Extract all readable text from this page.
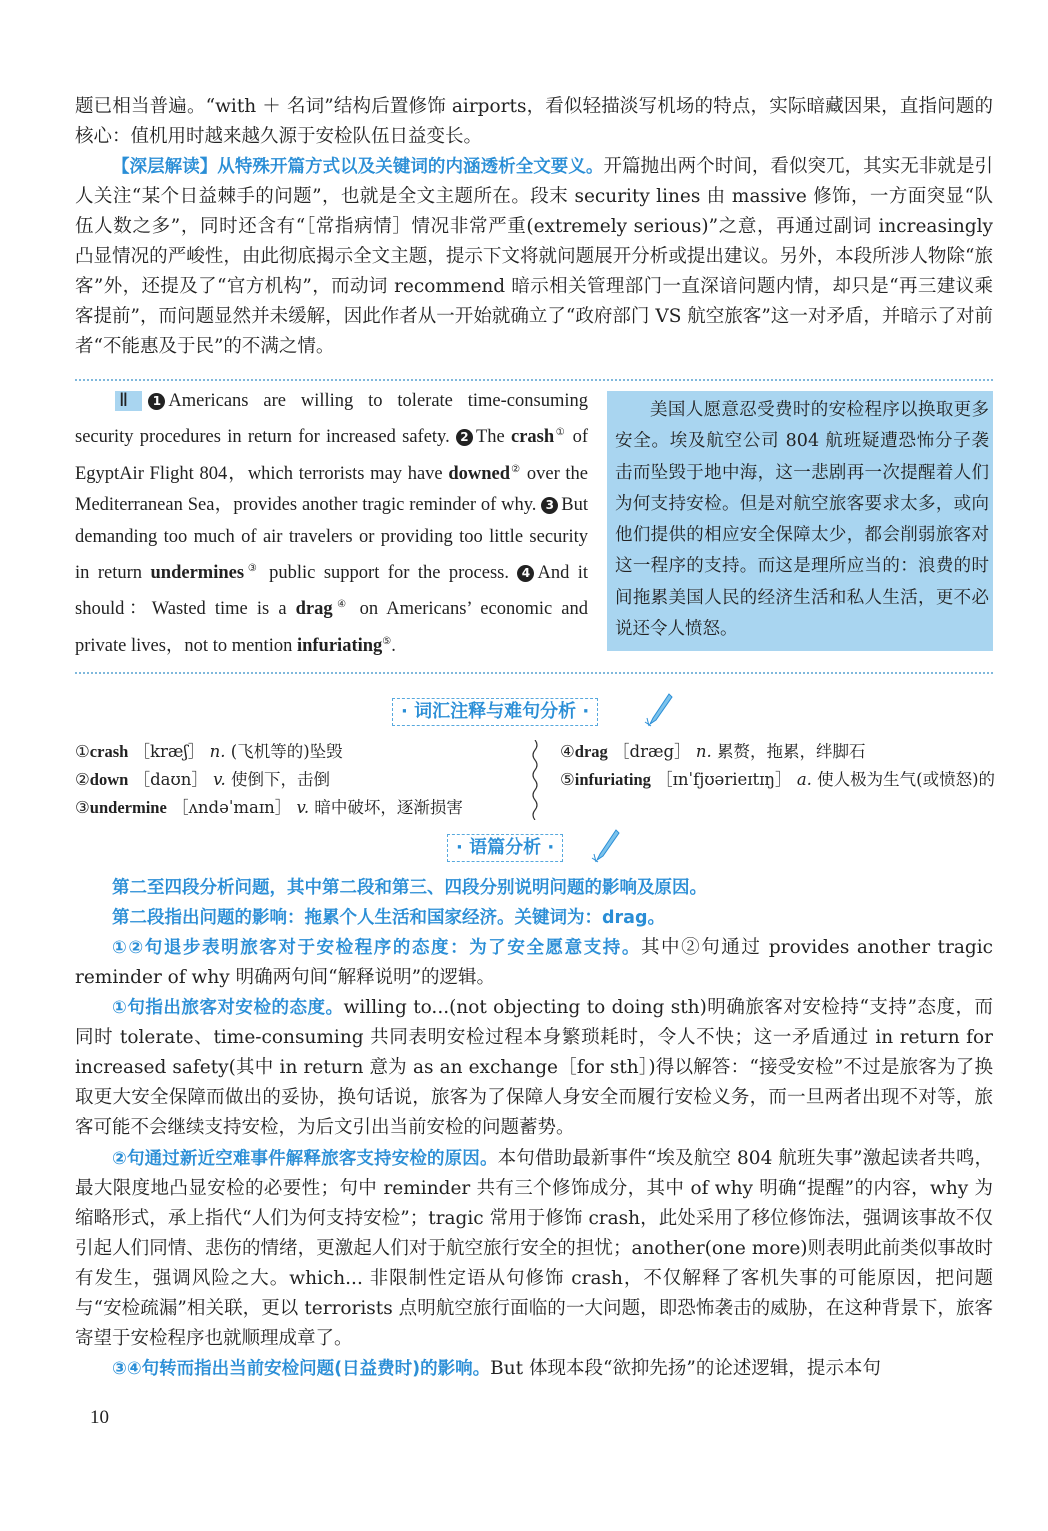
题已相当普遍。“with ＋ 名词”结构后置修饰 airports，看似轻描淡写机场的特点，实际暗藏因果，直指问题的核心：值机用时越来越久源于安检队伍日益变长。
【深层解读】从特殊开篇方式以及关键词的内涵透析全文要义。开篇抛出两个时间，看似突兀，其实无非就是引人关注“某个日益棘手的问题”，也就是全文主题所在。段末 security lines 由 massive 修饰，一方面突显“队伍人数之多”，同时还含有“［常指病情］情况非常严重(extremely serious)”之意，再通过副词 increasingly 凸显情况的严峻性，由此彻底揭示全文主题，提示下文将就问题展开分析或提出建议。另外，本段所涉人物除“旅客”外，还提及了“官方机构”，而动词 recommend 暗示相关管理部门一直深谙问题内情，却只是“再三建议乘客提前”，而问题显然并未缓解，因此作者从一开始就确立了“政府部门 VS 航空旅客”这一对矛盾，并暗示了对前者“不能惠及于民”的不满之情。
Ⅱ 1 Americans are willing to tolerate time-consuming security procedures in return for increased safety. 2 The crash① of EgyptAir Flight 804，which terrorists may have downed② over the Mediterranean Sea，provides another tragic reminder of why. 3 But demanding too much of air travelers or providing too little security in return undermines③ public support for the process. 4 And it should：Wasted time is a drag④ on Americans’ economic and private lives，not to mention infuriating⑤.
美国人愿意忍受费时的安检程序以换取更多安全。埃及航空公司 804 航班疑遭恐怖分子袭击而坠毁于地中海，这一悲剧再一次提醒着人们为何支持安检。但是对航空旅客要求太多，或向他们提供的相应安全保障太少，都会削弱旅客对这一程序的支持。而这是理所应当的：浪费的时间拖累美国人民的经济生活和私人生活，更不必说还令人愤怒。
· 词汇注释与难句分析 ·
①crash ［kræʃ］ n. (飞机等的)坠毁
②down ［daʊn］ v. 使倒下，击倒
③undermine ［ʌndəˈmaɪn］ v. 暗中破坏，逐渐损害
④drag ［dræg］ n. 累赘，拖累，绊脚石
⑤infuriating ［ɪnˈfjʊərieɪtɪŋ］ a. 使人极为生气(或愤怒)的
· 语篇分析 ·
第二至四段分析问题，其中第二段和第三、四段分别说明问题的影响及原因。
第二段指出问题的影响：拖累个人生活和国家经济。关键词为：drag。
①②句退步表明旅客对于安检程序的态度：为了安全愿意支持。其中②句通过 provides another tragic reminder of why 明确两句间“解释说明”的逻辑。
①句指出旅客对安检的态度。willing to...(not objecting to doing sth)明确旅客对安检持“支持”态度，而同时 tolerate、time-consuming 共同表明安检过程本身繁琐耗时，令人不快；这一矛盾通过 in return for increased safety(其中 in return 意为 as an exchange［for sth］)得以解答：“接受安检”不过是旅客为了换取更大安全保障而做出的妥协，换句话说，旅客为了保障人身安全而履行安检义务，而一旦两者出现不对等，旅客可能不会继续支持安检，为后文引出当前安检的问题蓄势。
②句通过新近空难事件解释旅客支持安检的原因。本句借助最新事件“埃及航空 804 航班失事”激起读者共鸣，最大限度地凸显安检的必要性；句中 reminder 共有三个修饰成分，其中 of why 明确“提醒”的内容，why 为缩略形式，承上指代“人们为何支持安检”；tragic 常用于修饰 crash，此处采用了移位修饰法，强调该事故不仅引起人们同情、悲伤的情绪，更激起人们对于航空旅行安全的担忧；another(one more)则表明此前类似事故时有发生，强调风险之大。which... 非限制性定语从句修饰 crash，不仅解释了客机失事的可能原因，把问题与“安检疏漏”相关联，更以 terrorists 点明航空旅行面临的一大问题，即恐怖袭击的威胁，在这种背景下，旅客寄望于安检程序也就顺理成章了。
③④句转而指出当前安检问题(日益费时)的影响。But 体现本段“欲抑先扬”的论述逻辑，提示本句
10
